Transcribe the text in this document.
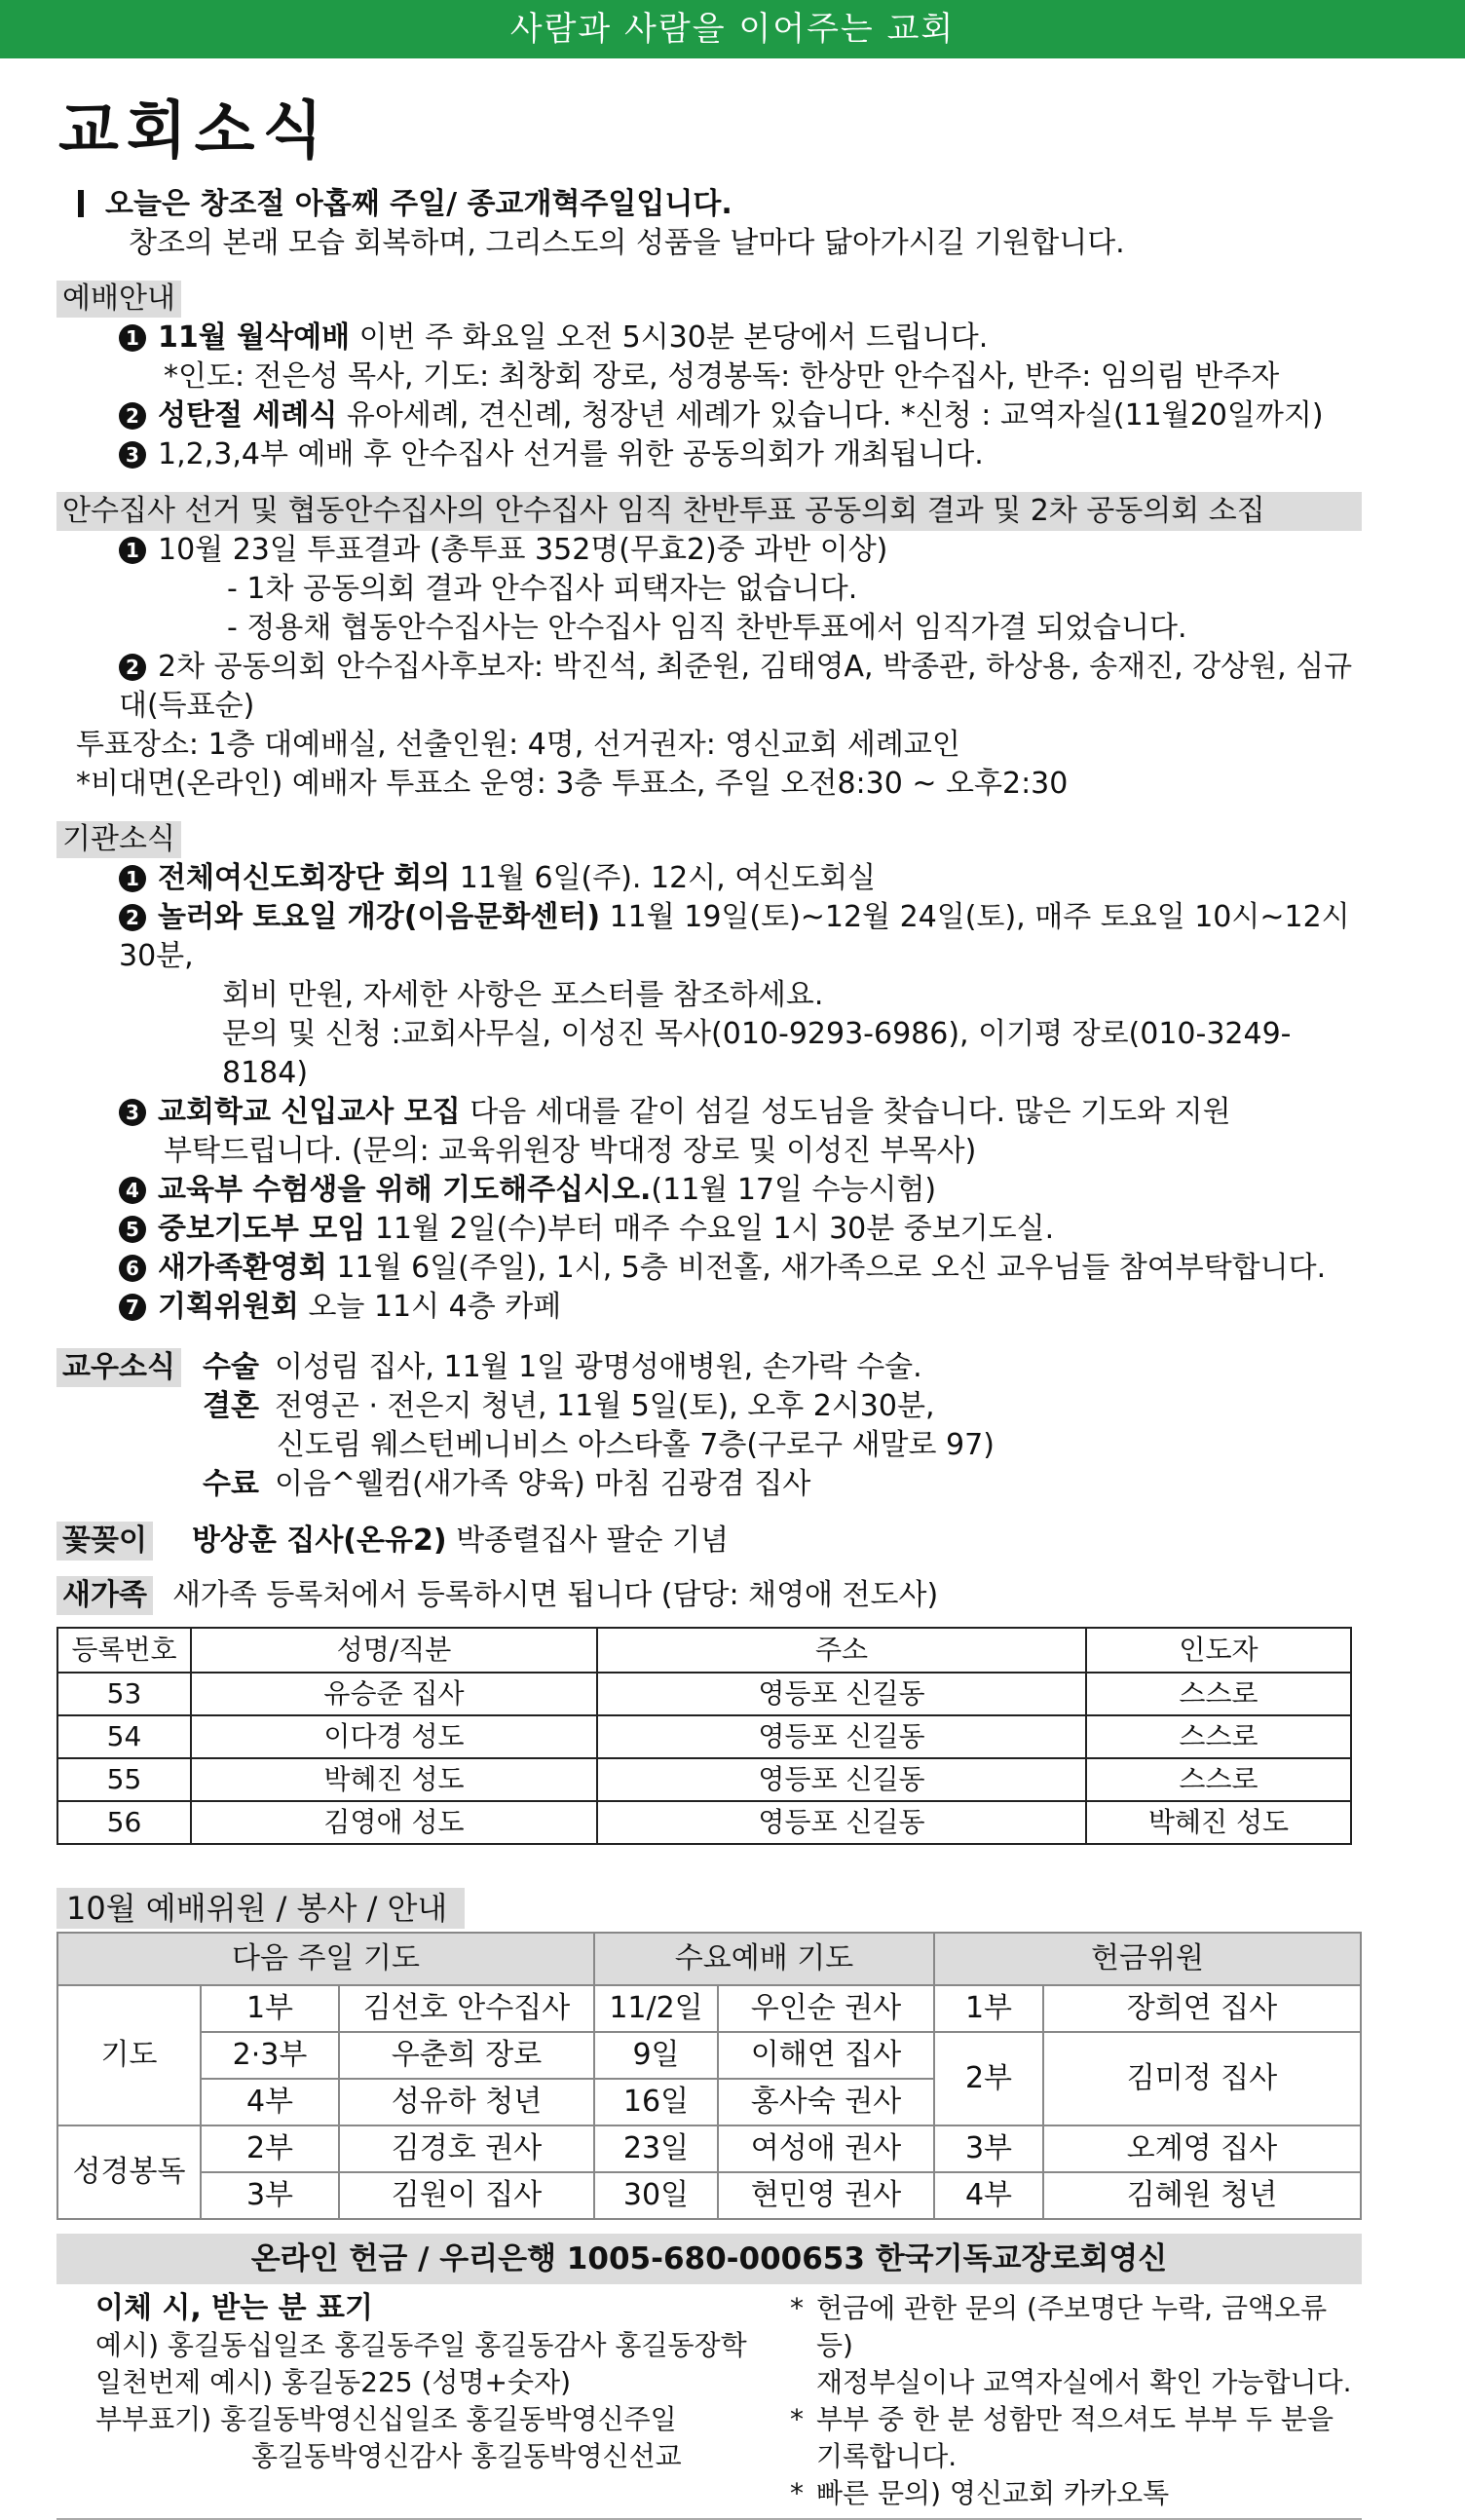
사람과 사람을 이어주는 교회
교회소식
오늘은 창조절 아홉째 주일/ 종교개혁주일입니다.
창조의 본래 모습 회복하며, 그리스도의 성품을 날마다 닮아가시길 기원합니다.
예배안내
1 11월 월삭예배 이번 주 화요일 오전 5시30분 본당에서 드립니다.
*인도: 전은성 목사, 기도: 최창회 장로, 성경봉독: 한상만 안수집사, 반주: 임의림 반주자
2 성탄절 세례식 유아세례, 견신례, 청장년 세례가 있습니다. *신청 : 교역자실(11월20일까지)
3 1,2,3,4부 예배 후 안수집사 선거를 위한 공동의회가 개최됩니다.
안수집사 선거 및 협동안수집사의 안수집사 임직 찬반투표 공동의회 결과 및 2차 공동의회 소집
1 10월 23일 투표결과 (총투표 352명(무효2)중 과반 이상)
- 1차 공동의회 결과 안수집사 피택자는 없습니다.
- 정용채 협동안수집사는 안수집사 임직 찬반투표에서 임직가결 되었습니다.
2 2차 공동의회 안수집사후보자: 박진석, 최준원, 김태영A, 박종관, 하상용, 송재진, 강상원, 심규대(득표순)
투표장소: 1층 대예배실, 선출인원: 4명, 선거권자: 영신교회 세례교인
*비대면(온라인) 예배자 투표소 운영: 3층 투표소, 주일 오전8:30 ~ 오후2:30
기관소식
1 전체여신도회장단 회의 11월 6일(주). 12시, 여신도회실
2 놀러와 토요일 개강(이음문화센터) 11월 19일(토)~12월 24일(토), 매주 토요일 10시~12시30분,
회비 만원, 자세한 사항은 포스터를 참조하세요.
문의 및 신청 :교회사무실, 이성진 목사(010-9293-6986), 이기평 장로(010-3249-8184)
3 교회학교 신입교사 모집 다음 세대를 같이 섬길 성도님을 찾습니다. 많은 기도와 지원
부탁드립니다. (문의: 교육위원장 박대정 장로 및 이성진 부목사)
4 교육부 수험생을 위해 기도해주십시오.(11월 17일 수능시험)
5 중보기도부 모임 11월 2일(수)부터 매주 수요일 1시 30분 중보기도실.
6 새가족환영회 11월 6일(주일), 1시, 5층 비전홀, 새가족으로 오신 교우님들 참여부탁합니다.
7 기획위원회 오늘 11시 4층 카페
교우소식 수술 이성림 집사, 11월 1일 광명성애병원, 손가락 수술.
결혼 전영곤 · 전은지 청년, 11월 5일(토), 오후 2시30분,
신도림 웨스턴베니비스 아스타홀 7층(구로구 새말로 97)
수료 이음^웰컴(새가족 양육) 마침 김광겸 집사
꽃꽂이 방상훈 집사(온유2) 박종렬집사 팔순 기념
새가족 새가족 등록처에서 등록하시면 됩니다 (담당: 채영애 전도사)
등록번호	성명/직분	주소	인도자
53	유승준 집사	영등포 신길동	스스로
54	이다경 성도	영등포 신길동	스스로
55	박혜진 성도	영등포 신길동	스스로
56	김영애 성도	영등포 신길동	박혜진 성도
10월 예배위원 / 봉사 / 안내
다음 주일 기도			수요예배 기도		헌금위원	
기도	1부	김선호 안수집사	11/2일	우인순 권사	1부	장희연 집사
	2·3부	우춘희 장로	9일	이해연 집사	2부	김미정 집사
	4부	성유하 청년	16일	홍사숙 권사		
성경봉독	2부	김경호 권사	23일	여성애 권사	3부	오계영 집사
	3부	김원이 집사	30일	현민영 권사	4부	김혜원 청년
온라인 헌금 / 우리은행 1005-680-000653 한국기독교장로회영신
이체 시, 받는 분 표기
예시) 홍길동십일조 홍길동주일 홍길동감사 홍길동장학
일천번제 예시) 홍길동225 (성명+숫자)
부부표기) 홍길동박영신십일조 홍길동박영신주일
홍길동박영신감사 홍길동박영신선교
* 헌금에 관한 문의 (주보명단 누락, 금액오류 등)
재정부실이나 교역자실에서 확인 가능합니다.
* 부부 중 한 분 성함만 적으셔도 부부 두 분을
기록합니다.
* 빠른 문의) 영신교회 카카오톡
